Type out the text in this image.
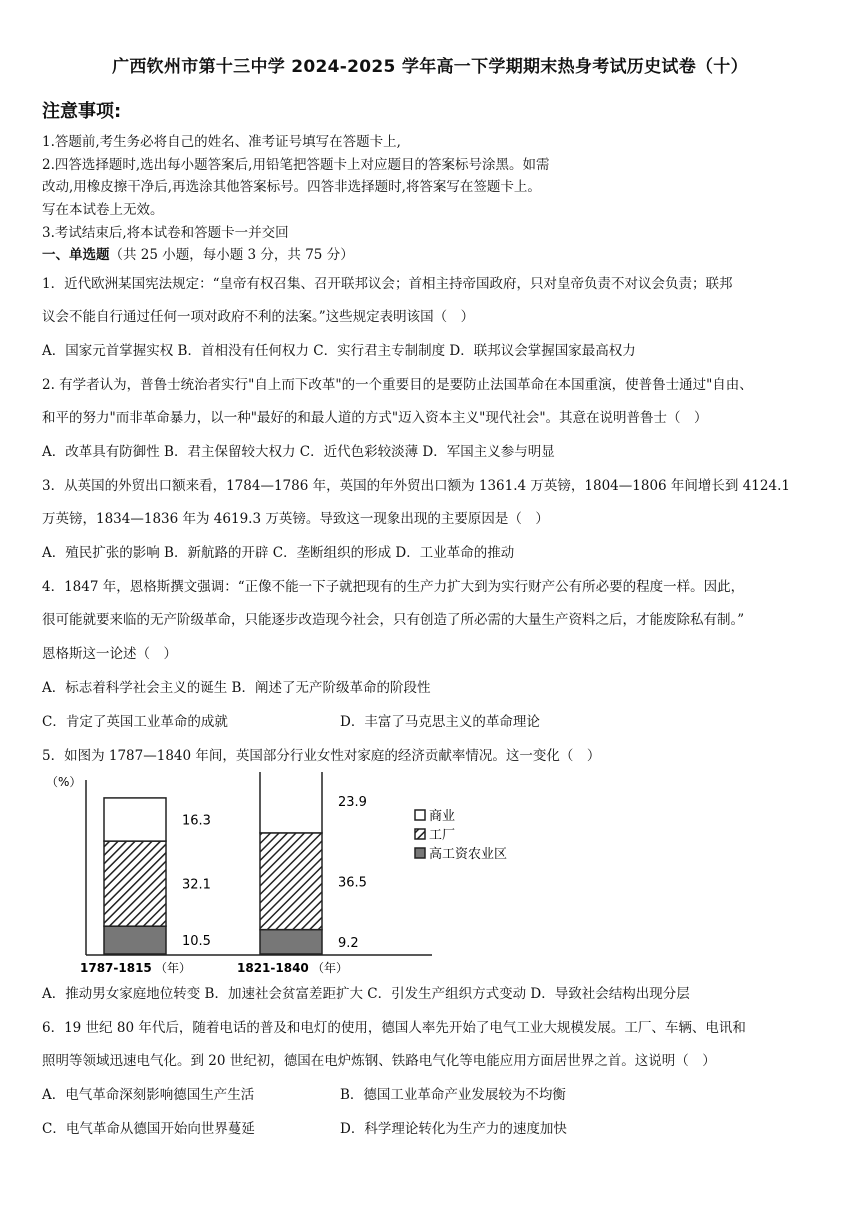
广西钦州市第十三中学 2024-2025 学年高一下学期期末热身考试历史试卷（十）
注意事项:
1.答题前,考生务必将自己的姓名、准考证号填写在答题卡上,
2.四答选择题时,选出每小题答案后,用铅笔把答题卡上对应题目的答案标号涂黑。如需
改动,用橡皮擦干净后,再选涂其他答案标号。四答非选择题时,将答案写在签题卡上。
写在本试卷上无效。
3.考试结束后,将本试卷和答题卡一并交回
一、单选题（共 25 小题，每小题 3 分，共 75 分）
1．近代欧洲某国宪法规定：“皇帝有权召集、召开联邦议会；首相主持帝国政府，只对皇帝负责不对议会负责；联邦
议会不能自行通过任何一项对政府不利的法案。”这些规定表明该国（　）
A．国家元首掌握实权 B．首相没有任何权力 C．实行君主专制制度 D．联邦议会掌握国家最高权力
2. 有学者认为，普鲁士统治者实行"自上而下改革"的一个重要目的是要防止法国革命在本国重演，使普鲁士通过"自由、
和平的努力"而非革命暴力，以一种"最好的和最人道的方式"迈入资本主义"现代社会"。其意在说明普鲁士（　）
A．改革具有防御性 B．君主保留较大权力 C．近代色彩较淡薄 D．军国主义参与明显
3．从英国的外贸出口额来看，1784—1786 年，英国的年外贸出口额为 1361.4 万英镑，1804—1806 年间增长到 4124.1
万英镑，1834—1836 年为 4619.3 万英镑。导致这一现象出现的主要原因是（　）
A．殖民扩张的影响 B．新航路的开辟 C．垄断组织的形成 D．工业革命的推动
4．1847 年，恩格斯撰文强调：“正像不能一下子就把现有的生产力扩大到为实行财产公有所必要的程度一样。因此，
很可能就要来临的无产阶级革命，只能逐步改造现今社会，只有创造了所必需的大量生产资料之后，才能废除私有制。”
恩格斯这一论述（　）
A．标志着科学社会主义的诞生 B．阐述了无产阶级革命的阶段性
C．肯定了英国工业革命的成就	D．丰富了马克思主义的革命理论
5．如图为 1787—1840 年间，英国部分行业女性对家庭的经济贡献率情况。这一变化（　）
（%）
10.5
32.1
16.3
9.2
36.5
23.9
1787-1815 （年）	1821-1840 （年）
商业
工厂
高工资农业区
A．推动男女家庭地位转变 B．加速社会贫富差距扩大 C．引发生产组织方式变动 D．导致社会结构出现分层
6．19 世纪 80 年代后，随着电话的普及和电灯的使用，德国人率先开始了电气工业大规模发展。工厂、车辆、电讯和
照明等领域迅速电气化。到 20 世纪初，德国在电炉炼钢、铁路电气化等电能应用方面居世界之首。这说明（　）
A．电气革命深刻影响德国生产生活	B．德国工业革命产业发展较为不均衡
C．电气革命从德国开始向世界蔓延	D．科学理论转化为生产力的速度加快
